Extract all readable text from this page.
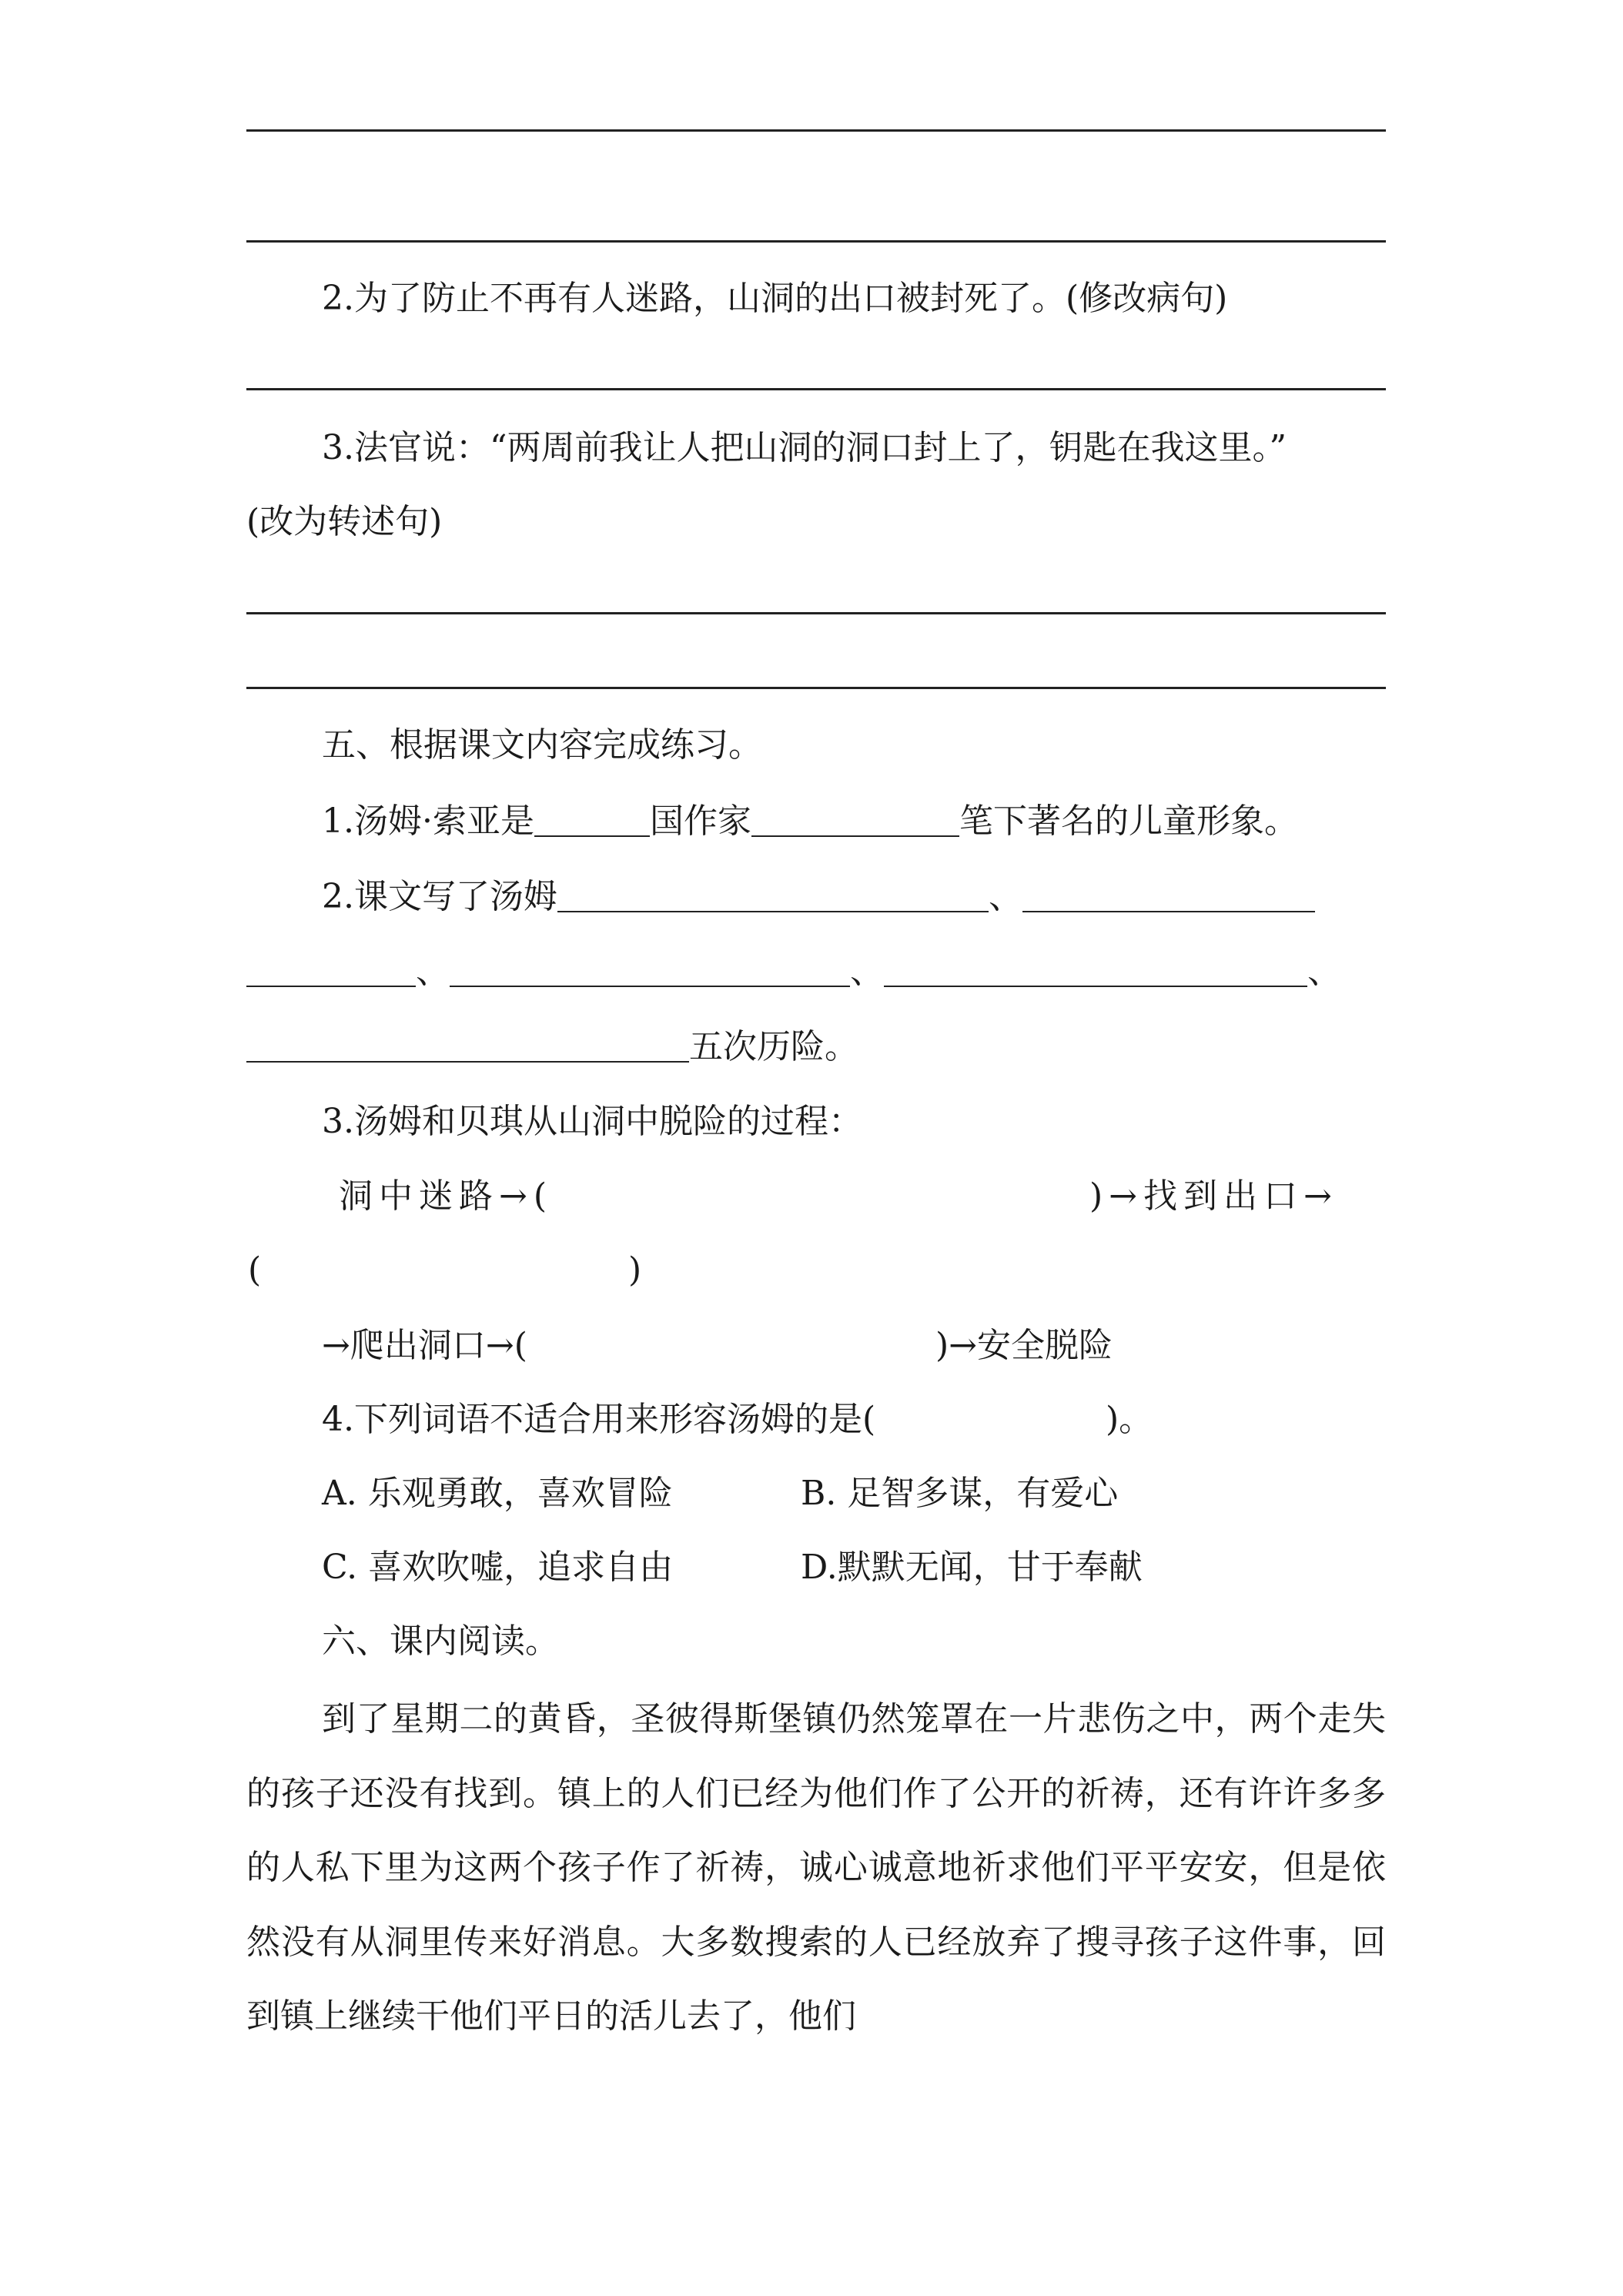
2.为了防止不再有人迷路，山洞的出口被封死了。(修改病句)
3.法官说：“两周前我让人把山洞的洞口封上了，钥匙在我这里。”
(改为转述句)
五、根据课文内容完成练习。
1.汤姆·索亚是	国作家	笔下著名的儿童形象。
2.课文写了汤姆	、
、	、	、
五次历险。
3.汤姆和贝琪从山洞中脱险的过程：
洞中迷路→(	)→找到出口→
(	)
→爬出洞口→(	)→安全脱险
4.下列词语不适合用来形容汤姆的是(	)。
A. 乐观勇敢，喜欢冒险	B. 足智多谋，有爱心
C. 喜欢吹嘘，追求自由	D.默默无闻，甘于奉献
六、课内阅读。
到了星期二的黄昏，圣彼得斯堡镇仍然笼罩在一片悲伤之中，两个走失的孩子还没有找到。镇上的人们已经为他们作了公开的祈祷，还有许许多多的人私下里为这两个孩子作了祈祷，诚心诚意地祈求他们平平安安，但是依然没有从洞里传来好消息。大多数搜索的人已经放弃了搜寻孩子这件事，回到镇上继续干他们平日的活儿去了，他们
